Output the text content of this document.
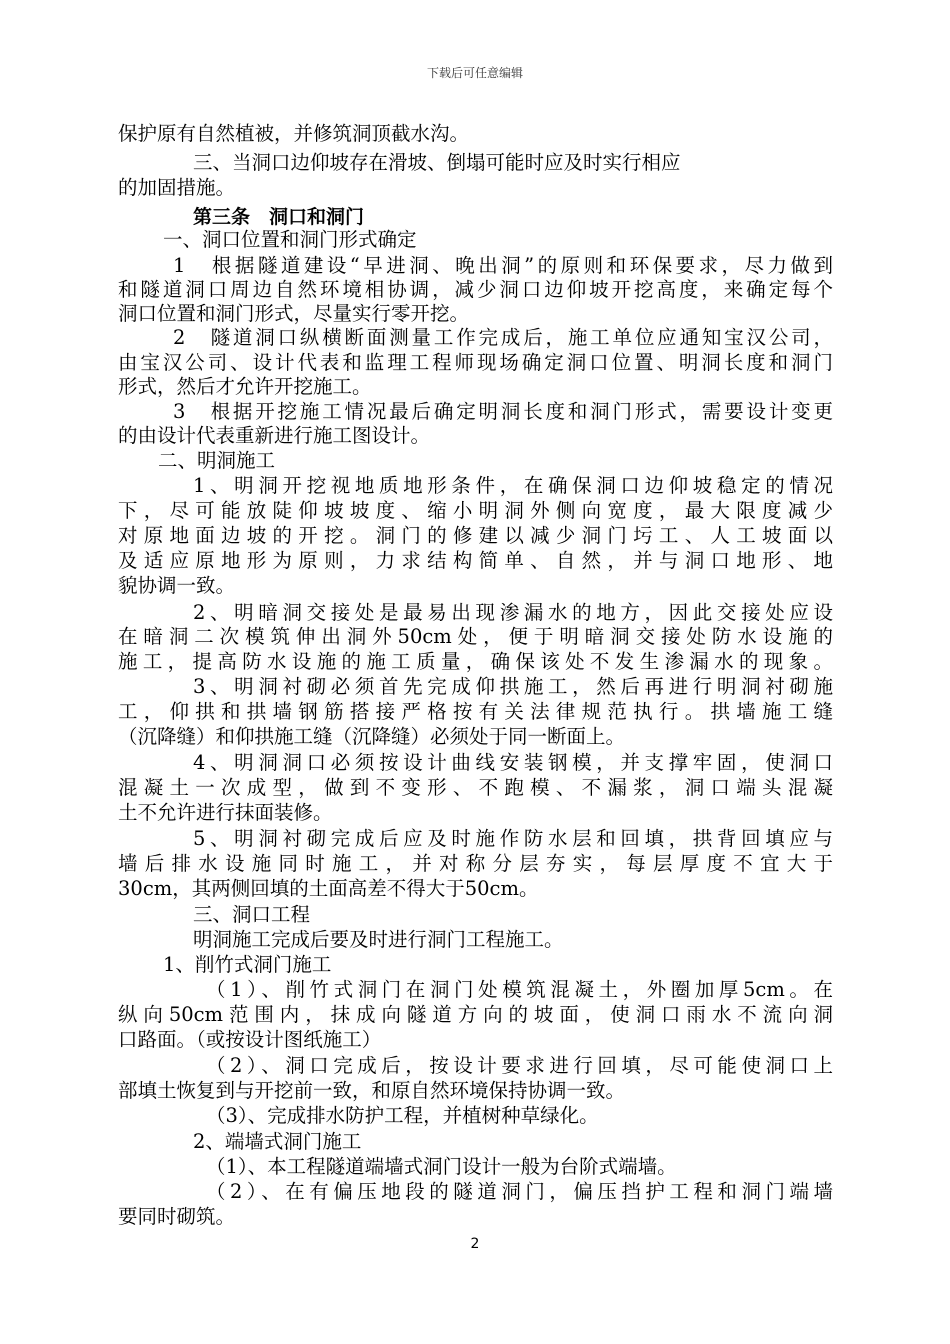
下载后可任意编辑
保护原有自然植被，并修筑洞顶截水沟。
三、当洞口边仰坡存在滑坡、倒塌可能时应及时实行相应
的加固措施。
第三条　洞口和洞门
一、洞口位置和洞门形式确定
1　根据隧道建设“早进洞、晚出洞”的原则和环保要求，尽力做到
和隧道洞口周边自然环境相协调，减少洞口边仰坡开挖高度，来确定每个
洞口位置和洞门形式，尽量实行零开挖。
2　隧道洞口纵横断面测量工作完成后，施工单位应通知宝汉公司，
由宝汉公司、设计代表和监理工程师现场确定洞口位置、明洞长度和洞门
形式，然后才允许开挖施工。
3　根据开挖施工情况最后确定明洞长度和洞门形式，需要设计变更
的由设计代表重新进行施工图设计。
二、明洞施工
1、明洞开挖视地质地形条件，在确保洞口边仰坡稳定的情况
下，尽可能放陡仰坡坡度、缩小明洞外侧向宽度，最大限度减少
对原地面边坡的开挖。洞门的修建以减少洞门圬工、人工坡面以
及适应原地形为原则，力求结构简单、自然，并与洞口地形、地
貌协调一致。
2、明暗洞交接处是最易出现渗漏水的地方，因此交接处应设
在暗洞二次模筑伸出洞外50cm处，便于明暗洞交接处防水设施的
施工，提高防水设施的施工质量，确保该处不发生渗漏水的现象。
3、明洞衬砌必须首先完成仰拱施工，然后再进行明洞衬砌施
工，仰拱和拱墙钢筋搭接严格按有关法律规范执行。拱墙施工缝
（沉降缝）和仰拱施工缝（沉降缝）必须处于同一断面上。
4、明洞洞口必须按设计曲线安装钢模，并支撑牢固，使洞口
混凝土一次成型，做到不变形、不跑模、不漏浆，洞口端头混凝
土不允许进行抹面装修。
5、明洞衬砌完成后应及时施作防水层和回填，拱背回填应与
墙后排水设施同时施工，并对称分层夯实，每层厚度不宜大于
30cm，其两侧回填的土面高差不得大于50cm。
三、洞口工程
明洞施工完成后要及时进行洞门工程施工。
1、削竹式洞门施工
（1）、削竹式洞门在洞门处模筑混凝土，外圈加厚5cm。在
纵向50cm范围内，抹成向隧道方向的坡面，使洞口雨水不流向洞
口路面。（或按设计图纸施工）
（2）、洞口完成后，按设计要求进行回填，尽可能使洞口上
部填土恢复到与开挖前一致，和原自然环境保持协调一致。
（3）、完成排水防护工程，并植树种草绿化。
2、端墙式洞门施工
（1）、本工程隧道端墙式洞门设计一般为台阶式端墙。
（2）、在有偏压地段的隧道洞门，偏压挡护工程和洞门端墙
要同时砌筑。
2
